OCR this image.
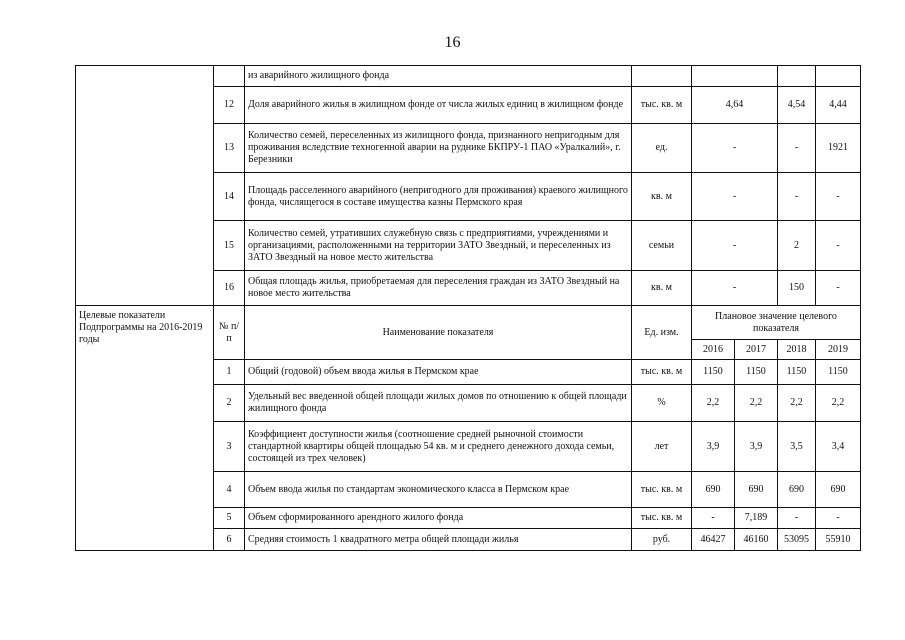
16
		из аварийного жилищного фонда					
	12	Доля аварийного жилья в жилищном фонде от числа жилых единиц в жилищном фонде	тыс. кв. м	4,64		4,54	4,44
	13	Количество семей, переселенных из жилищного фонда, признанного непригодным для проживания вследствие техногенной аварии на руднике БКПРУ-1 ПАО «Уралкалий», г. Березники	ед.	-		-	1921
	14	Площадь расселенного аварийного (непригодного для проживания) краевого жилищного фонда, числящегося в составе имущества казны Пермского края	кв. м	-		-	-
	15	Количество семей, утративших служебную связь с предприятиями, учреждениями и организациями, расположенными на территории ЗАТО Звездный, и переселенных из ЗАТО Звездный на новое место жительства	семьи	-		2	-
	16	Общая площадь жилья, приобретаемая для переселения граждан из ЗАТО Звездный на новое место жительства	кв. м	-		150	-
Целевые показатели Подпрограммы на 2016-2019 годы	№ п/п	Наименование показателя	Ед. изм.	Плановое значение целевого показателя			
				2016	2017	2018	2019
	1	Общий (годовой) объем ввода жилья в Пермском крае	тыс. кв. м	1150	1150	1150	1150
	2	Удельный вес введенной общей площади жилых домов по отношению к общей площади жилищного фонда	%	2,2	2,2	2,2	2,2
	3	Коэффициент доступности жилья (соотношение средней рыночной стоимости стандартной квартиры общей площадью 54 кв. м и среднего денежного дохода семьи, состоящей из трех человек)	лет	3,9	3,9	3,5	3,4
	4	Объем ввода жилья по стандартам экономического класса в Пермском крае	тыс. кв. м	690	690	690	690
	5	Объем сформированного арендного жилого фонда	тыс. кв. м	-	7,189	-	-
	6	Средняя стоимость 1 квадратного метра общей площади жилья	руб.	46427	46160	53095	55910
